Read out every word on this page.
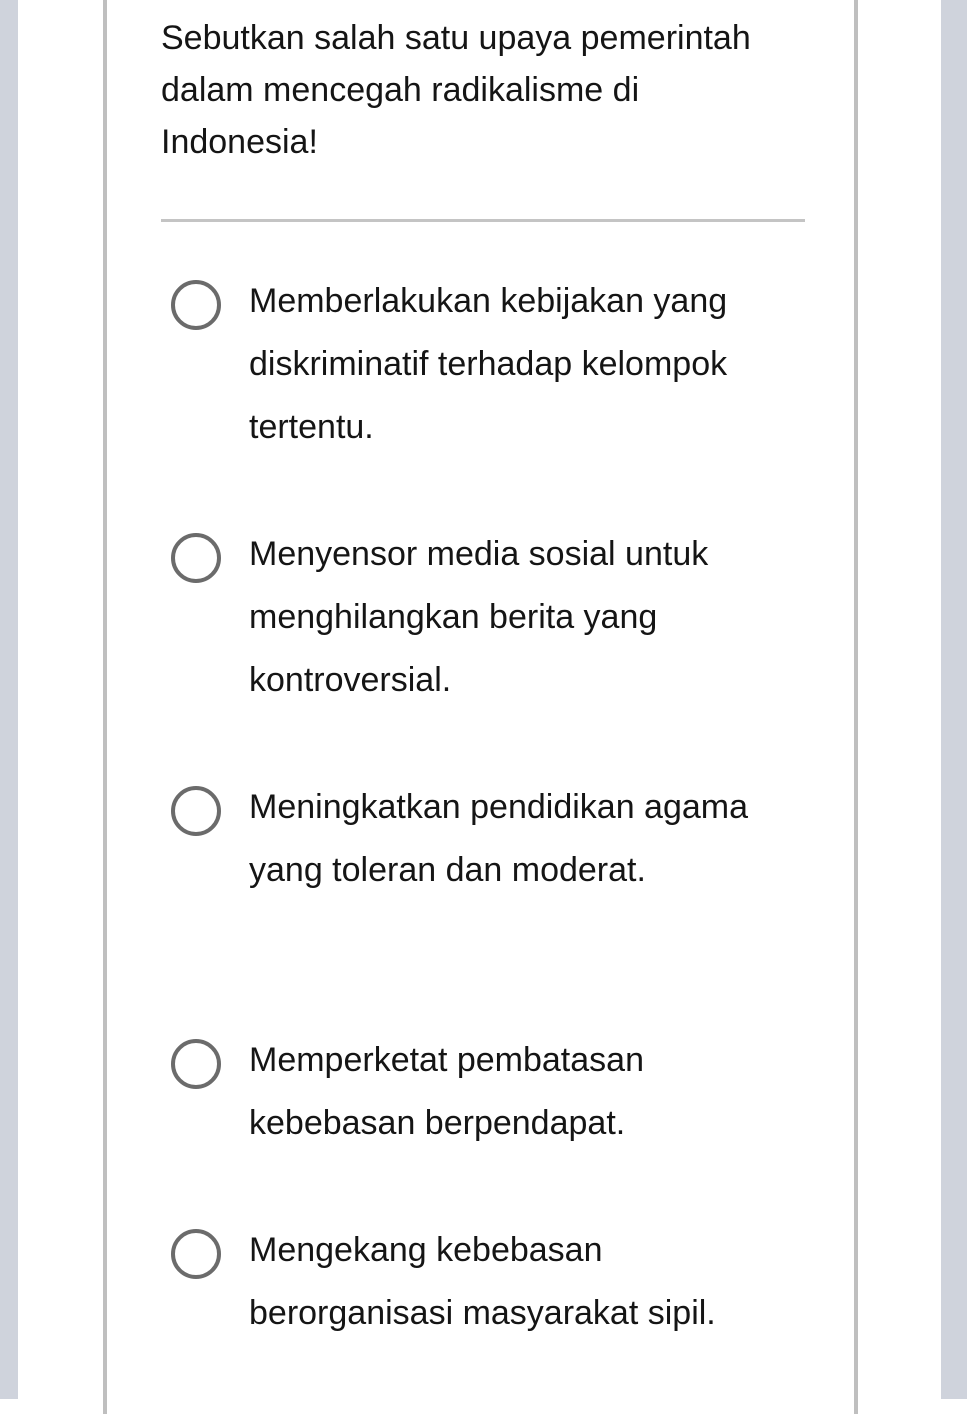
Sebutkan salah satu upaya pemerintah dalam mencegah radikalisme di Indonesia!

Memberlakukan kebijakan yang diskriminatif terhadap kelompok tertentu.
Menyensor media sosial untuk menghilangkan berita yang kontroversial.
Meningkatkan pendidikan agama yang toleran dan moderat.
Memperketat pembatasan kebebasan berpendapat.
Mengekang kebebasan berorganisasi masyarakat sipil.
